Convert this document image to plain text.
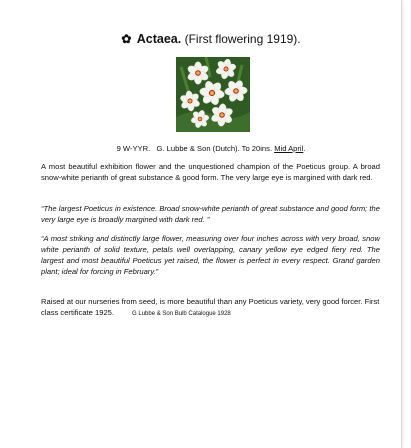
✿ Actaea. (First flowering 1919).
9 W-YYR. G. Lubbe & Son (Dutch). To 20ins. Mid April.

A most beautiful exhibition flower and the unquestioned champion of the Poeticus group. A broad snow-white perianth of great substance & good form. The very large eye is margined with dark red.

“The largest Poeticus in existence. Broad snow-white perianth of great substance and good form; the very large eye is broadly margined with dark red. ”

“A most striking and distinctly large flower, measuring over four inches across with very broad, snow white perianth of solid texture, petals well overlapping, canary yellow eye edged fiery red. The largest and most beautiful Poeticus yet raised, the flower is perfect in every respect. Grand garden plant; ideal for forcing in February.”

Raised at our nurseries from seed, is more beautiful than any Poeticus variety, very good forcer. First class certificate 1925.	G Lubbe & Son Bulb Catalogue 1928
